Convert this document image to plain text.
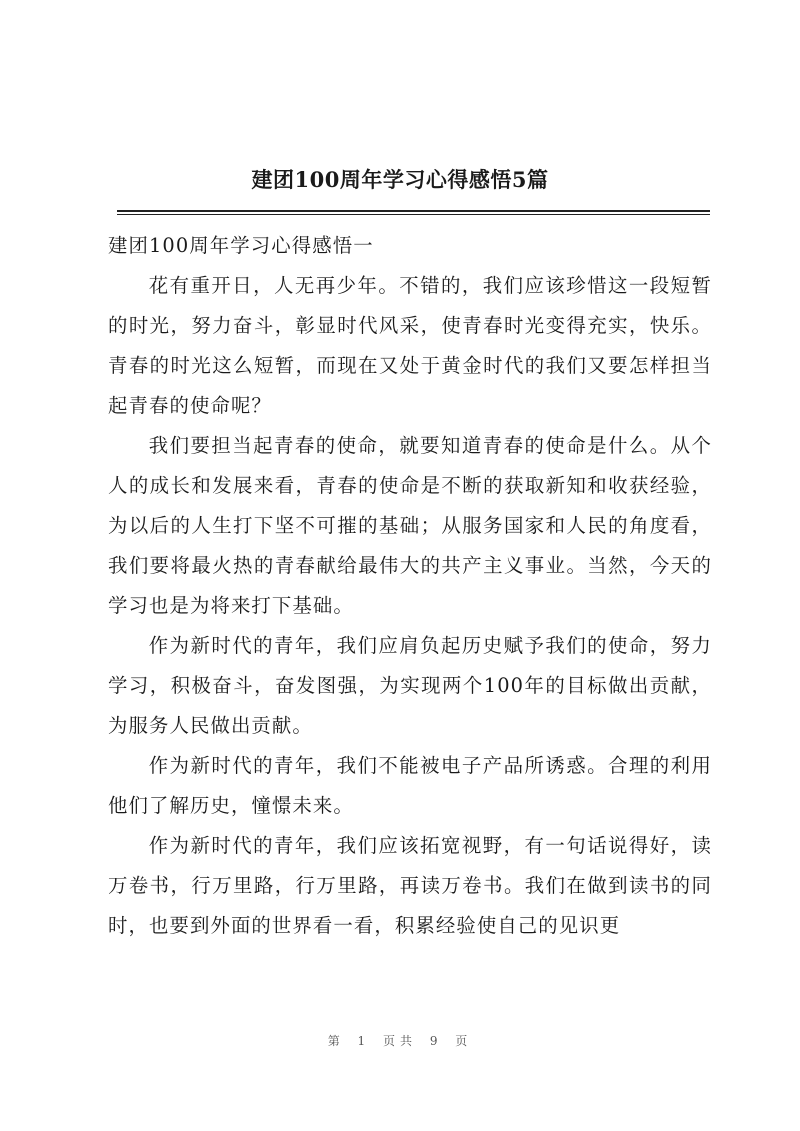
建团100周年学习心得感悟5篇

建团100周年学习心得感悟一

花有重开日，人无再少年。不错的，我们应该珍惜这一段短暂的时光，努力奋斗，彰显时代风采，使青春时光变得充实，快乐。青春的时光这么短暂，而现在又处于黄金时代的我们又要怎样担当起青春的使命呢？

我们要担当起青春的使命，就要知道青春的使命是什么。从个人的成长和发展来看，青春的使命是不断的获取新知和收获经验，为以后的人生打下坚不可摧的基础；从服务国家和人民的角度看，我们要将最火热的青春献给最伟大的共产主义事业。当然，今天的学习也是为将来打下基础。

作为新时代的青年，我们应肩负起历史赋予我们的使命，努力学习，积极奋斗，奋发图强，为实现两个100年的目标做出贡献，为服务人民做出贡献。

作为新时代的青年，我们不能被电子产品所诱惑。合理的利用他们了解历史，憧憬未来。

作为新时代的青年，我们应该拓宽视野，有一句话说得好，读万卷书，行万里路，行万里路，再读万卷书。我们在做到读书的同时，也要到外面的世界看一看，积累经验使自己的见识更

第 1 页共 9 页
